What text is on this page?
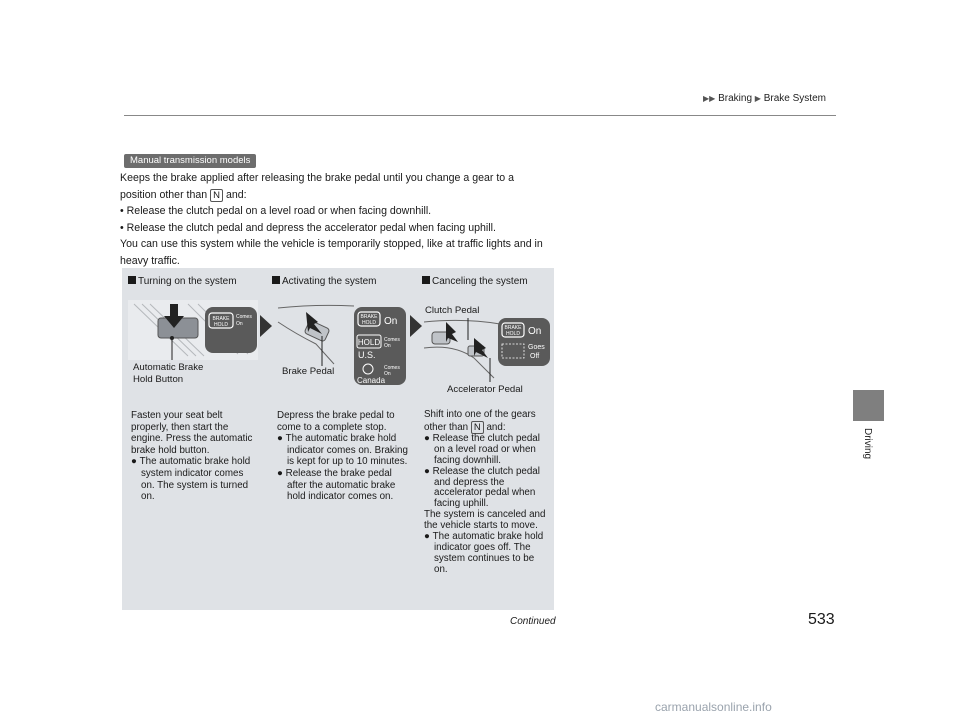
▶▶ Braking ▶ Brake System
Driving
Manual transmission models

Keeps the brake applied after releasing the brake pedal until you change a gear to a

position other than N and:

• Release the clutch pedal on a level road or when facing downhill.

• Release the clutch pedal and depress the accelerator pedal when facing uphill.

You can use this system while the vehicle is temporarily stopped, like at traffic lights and in heavy traffic.

Turning on the system	Activating the system	Canceling the system
BRAKE
HOLD
Comes
On
Automatic Brake
Hold Button
BRAKE
HOLD On
HOLD Comes
On
U.S.
Comes
On
Canada
Brake Pedal
Clutch Pedal
BRAKE
HOLD On
Goes
Off
Accelerator Pedal

Fasten your seat belt properly, then start the engine. Press the automatic brake hold button.

● The automatic brake hold system indicator comes on. The system is turned on.

Depress the brake pedal to come to a complete stop.

● The automatic brake hold indicator comes on. Braking is kept for up to 10 minutes.

● Release the brake pedal after the automatic brake hold indicator comes on.

Shift into one of the gears other than N and:

● Release the clutch pedal on a level road or when facing downhill.

● Release the clutch pedal and depress the accelerator pedal when facing uphill.

The system is canceled and the vehicle starts to move.

● The automatic brake hold indicator goes off. The system continues to be on.

Continued	533
carmanualsonline.info
